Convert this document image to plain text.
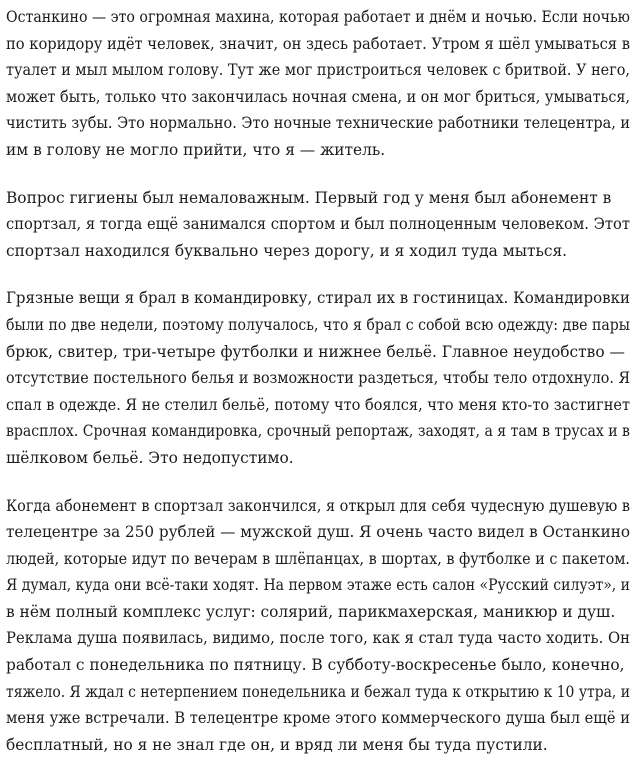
Останкино — это огромная махина, которая работает и днём и ночью. Если ночью
по коридору идёт человек, значит, он здесь работает. Утром я шёл умываться в
туалет и мыл мылом голову. Тут же мог пристроиться человек с бритвой. У него,
может быть, только что закончилась ночная смена, и он мог бриться, умываться,
чистить зубы. Это нормально. Это ночные технические работники телецентра, и
им в голову не могло прийти, что я — житель.

Вопрос гигиены был немаловажным. Первый год у меня был абонемент в
спортзал, я тогда ещё занимался спортом и был полноценным человеком. Этот
спортзал находился буквально через дорогу, и я ходил туда мыться.

Грязные вещи я брал в командировку, стирал их в гостиницах. Командировки
были по две недели, поэтому получалось, что я брал с собой всю одежду: две пары
брюк, свитер, три-четыре футболки и нижнее бельё. Главное неудобство —
отсутствие постельного белья и возможности раздеться, чтобы тело отдохнуло. Я
спал в одежде. Я не стелил бельё, потому что боялся, что меня кто-то застигнет
врасплох. Срочная командировка, срочный репортаж, заходят, а я там в трусах и в
шёлковом бельё. Это недопустимо.

Когда абонемент в спортзал закончился, я открыл для себя чудесную душевую в
телецентре за 250 рублей — мужской душ. Я очень часто видел в Останкино
людей, которые идут по вечерам в шлёпанцах, в шортах, в футболке и с пакетом.
Я думал, куда они всё-таки ходят. На первом этаже есть салон «Русский силуэт», и
в нём полный комплекс услуг: солярий, парикмахерская, маникюр и душ.
Реклама душа появилась, видимо, после того, как я стал туда часто ходить. Он
работал с понедельника по пятницу. В субботу-воскресенье было, конечно,
тяжело. Я ждал с нетерпением понедельника и бежал туда к открытию к 10 утра, и
меня уже встречали. В телецентре кроме этого коммерческого душа был ещё и
бесплатный, но я не знал где он, и вряд ли меня бы туда пустили.
